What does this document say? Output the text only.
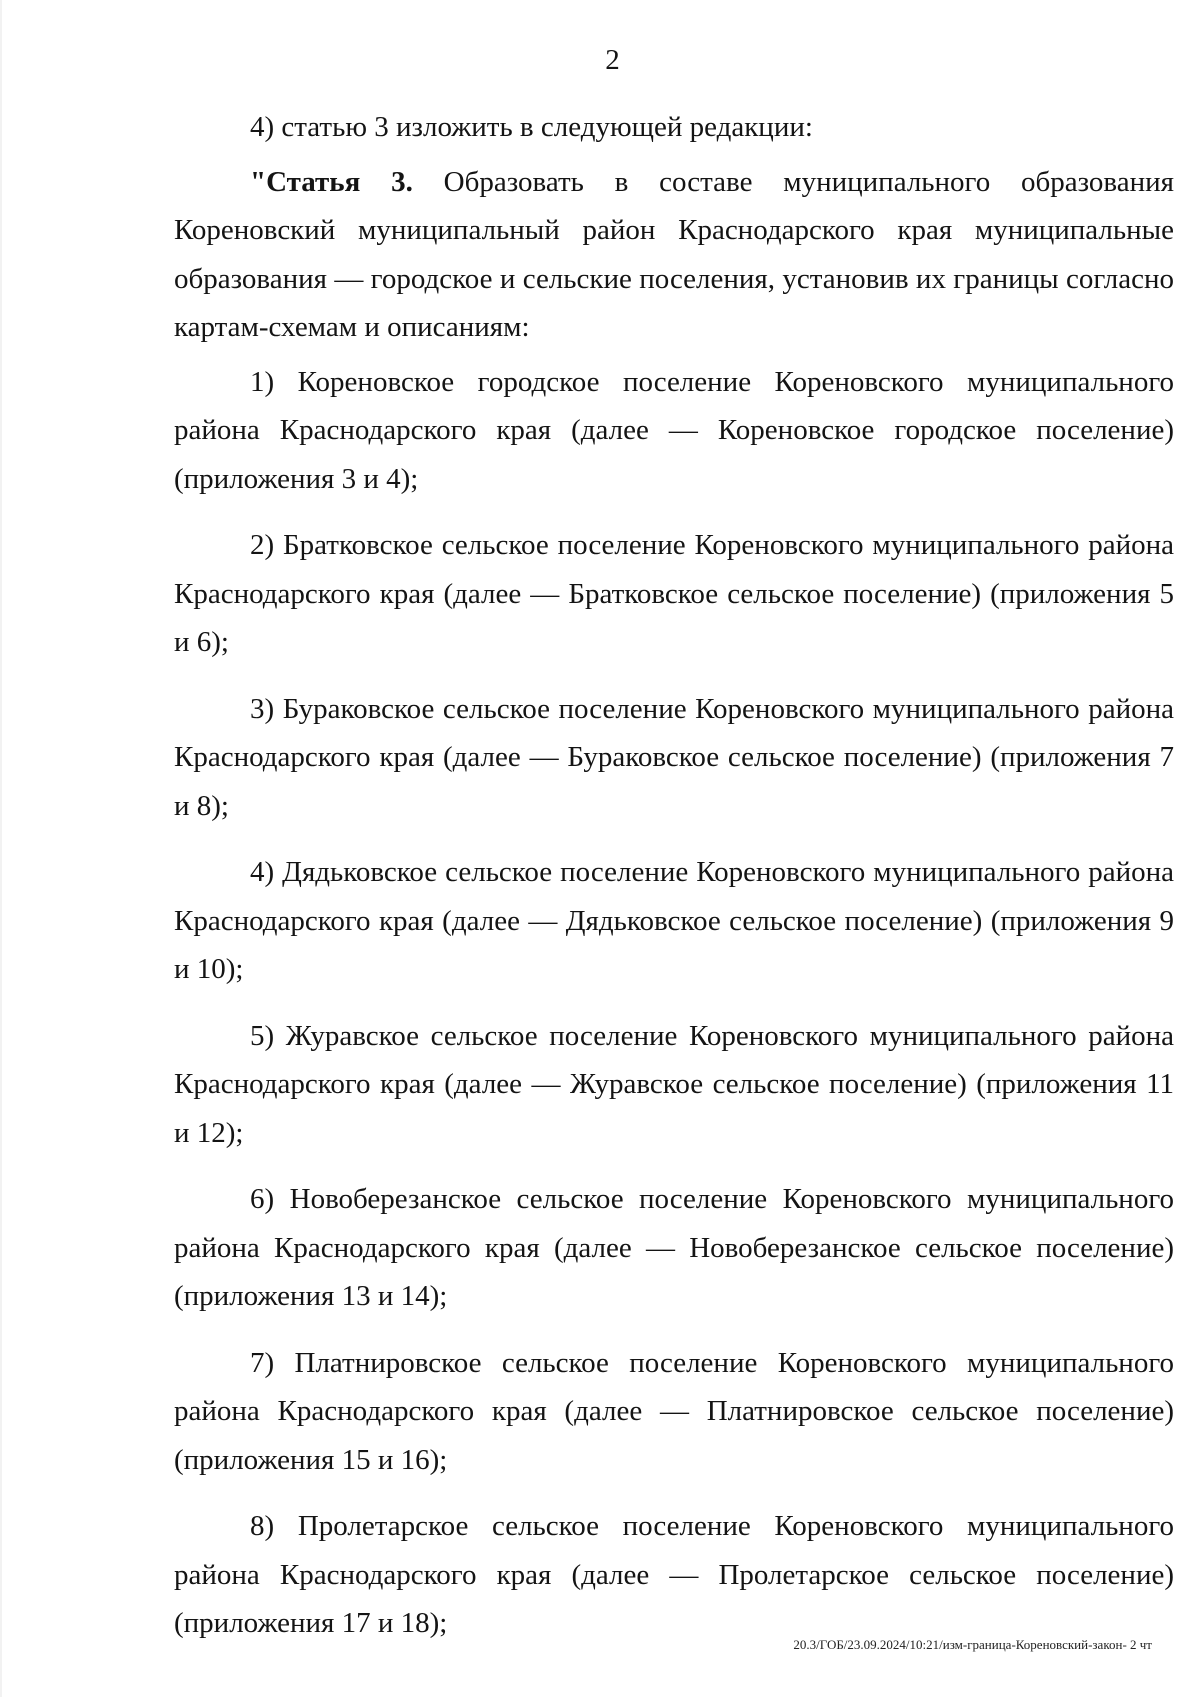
2

4) статью 3 изложить в следующей редакции:

"Статья 3. Образовать в составе муниципального образования Кореновский муниципальный район Краснодарского края муниципальные образования — городское и сельские поселения, установив их границы согласно картам-схемам и описаниям:

1) Кореновское городское поселение Кореновского муниципального района Краснодарского края (далее — Кореновское городское поселение) (приложения 3 и 4);

2) Братковское сельское поселение Кореновского муниципального района Краснодарского края (далее — Братковское сельское поселение) (приложения 5 и 6);

3) Бураковское сельское поселение Кореновского муниципального района Краснодарского края (далее — Бураковское сельское поселение) (приложения 7 и 8);

4) Дядьковское сельское поселение Кореновского муниципального района Краснодарского края (далее — Дядьковское сельское поселение) (приложения 9 и 10);

5) Журавское сельское поселение Кореновского муниципального района Краснодарского края (далее — Журавское сельское поселение) (приложения 11 и 12);

6) Новоберезанское сельское поселение Кореновского муниципального района Краснодарского края (далее — Новоберезанское сельское поселение) (приложения 13 и 14);

7) Платнировское сельское поселение Кореновского муниципального района Краснодарского края (далее — Платнировское сельское поселение) (приложения 15 и 16);

8) Пролетарское сельское поселение Кореновского муниципального района Краснодарского края (далее — Пролетарское сельское поселение) (приложения 17 и 18);

20.3/ГОБ/23.09.2024/10:21/изм-граница-Кореновский-закон- 2 чт
